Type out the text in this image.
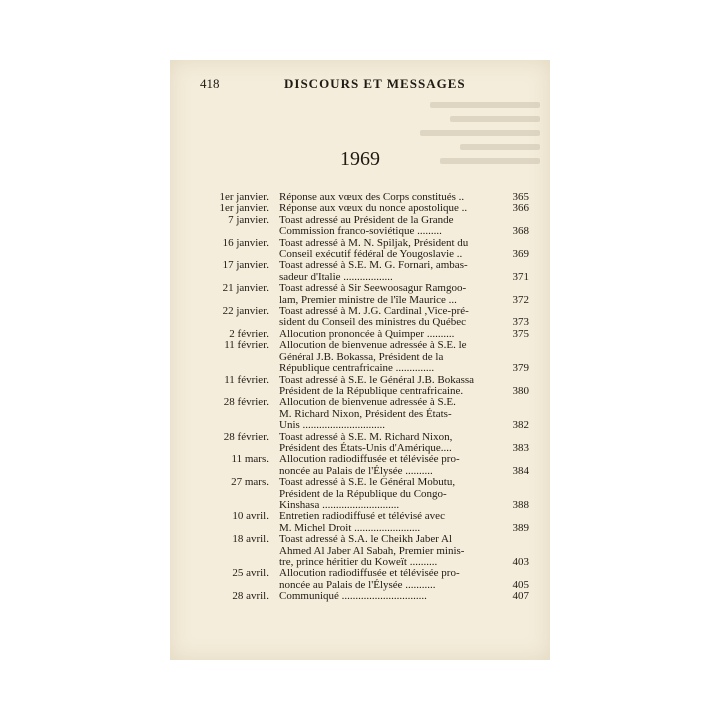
418	DISCOURS ET MESSAGES
1969
1er janvier. Réponse aux vœux des Corps constitués ..	365
1er janvier. Réponse aux vœux du nonce apostolique ..	366
7 janvier. Toast adressé au Président de la Grande
Commission franco-soviétique .........	368
16 janvier. Toast adressé à M. N. Spiljak, Président du
Conseil exécutif fédéral de Yougoslavie ..	369
17 janvier. Toast adressé à S.E. M. G. Fornari, ambas-
sadeur d'Italie ..................	371
21 janvier. Toast adressé à Sir Seewoosagur Ramgoo-
lam, Premier ministre de l'île Maurice ...	372
22 janvier. Toast adressé à M. J.G. Cardinal ,Vice-pré-
sident du Conseil des ministres du Québec	373
2 février. Allocution prononcée à Quimper ..........	375
11 février. Allocution de bienvenue adressée à S.E. le
Général J.B. Bokassa, Président de la
République centrafricaine ..............	379
11 février. Toast adressé à S.E. le Général J.B. Bokassa
Président de la République centrafricaine.	380
28 février. Allocution de bienvenue adressée à S.E.
M. Richard Nixon, Président des États-
Unis ..............................	382
28 février. Toast adressé à S.E. M. Richard Nixon,
Président des États-Unis d'Amérique....	383
11 mars. Allocution radiodiffusée et télévisée pro-
noncée au Palais de l'Élysée ..........	384
27 mars. Toast adressé à S.E. le Général Mobutu,
Président de la République du Congo-
Kinshasa ............................	388
10 avril. Entretien radiodiffusé et télévisé avec
M. Michel Droit ........................	389
18 avril. Toast adressé à S.A. le Cheikh Jaber Al
Ahmed Al Jaber Al Sabah, Premier minis-
tre, prince héritier du Koweït ..........	403
25 avril. Allocution radiodiffusée et télévisée pro-
noncée au Palais de l'Élysée ...........	405
28 avril. Communiqué ...............................	407
